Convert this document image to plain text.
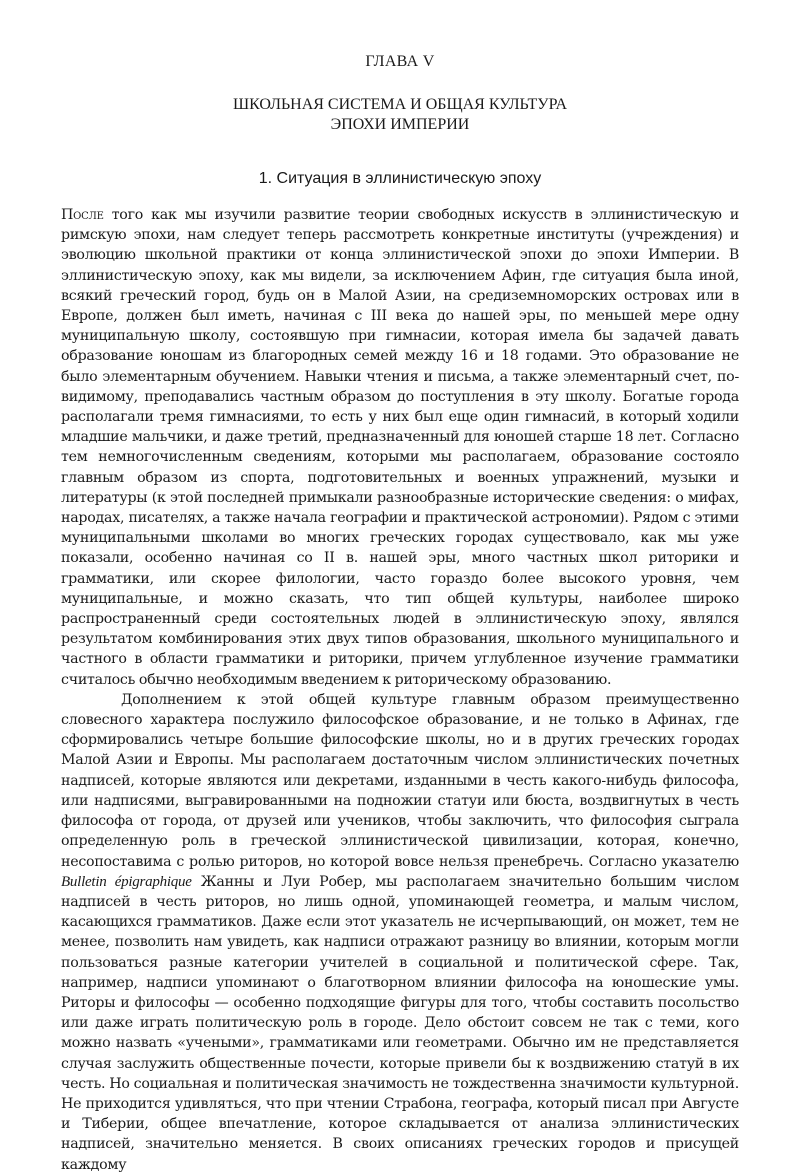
ГЛАВА V
ШКОЛЬНАЯ СИСТЕМА И ОБЩАЯ КУЛЬТУРА
ЭПОХИ ИМПЕРИИ
1. Ситуация в эллинистическую эпоху

После того как мы изучили развитие теории свободных искусств в эллинистическую и римскую эпохи, нам следует теперь рассмотреть конкретные институты (учреждения) и эволюцию школьной практики от конца эллинистической эпохи до эпохи Империи. В эллинистическую эпоху, как мы видели, за исключением Афин, где ситуация была иной, всякий греческий город, будь он в Малой Азии, на средиземноморских островах или в Европе, должен был иметь, начиная с III века до нашей эры, по меньшей мере одну муниципальную школу, состоявшую при гимнасии, которая имела бы задачей давать образование юношам из благородных семей между 16 и 18 годами. Это образование не было элементарным обучением. Навыки чтения и письма, а также элементарный счет, по-видимому, преподавались частным образом до поступления в эту школу. Богатые города располагали тремя гимнасиями, то есть у них был еще один гимнасий, в который ходили младшие мальчики, и даже третий, предназначенный для юношей старше 18 лет. Согласно тем немногочисленным сведениям, которыми мы располагаем, образование состояло главным образом из спорта, подготовительных и военных упражнений, музыки и литературы (к этой последней примыкали разнообразные исторические сведения: о мифах, народах, писателях, а также начала географии и практической астрономии). Рядом с этими муниципальными школами во многих греческих городах существовало, как мы уже показали, особенно начиная со II в. нашей эры, много частных школ риторики и грамматики, или скорее филологии, часто гораздо более высокого уровня, чем муниципальные, и можно сказать, что тип общей культуры, наиболее широко распространенный среди состоятельных людей в эллинистическую эпоху, являлся результатом комбинирования этих двух типов образования, школьного муниципального и частного в области грамматики и риторики, причем углубленное изучение грамматики считалось обычно необходимым введением к риторическому образованию.

Дополнением к этой общей культуре главным образом преимущественно словесного характера послужило философское образование, и не только в Афинах, где сформировались четыре большие философские школы, но и в других греческих городах Малой Азии и Европы. Мы располагаем достаточным числом эллинистических почетных надписей, которые являются или декретами, изданными в честь какого-нибудь философа, или надписями, выгравированными на подножии статуи или бюста, воздвигнутых в честь философа от города, от друзей или учеников, чтобы заключить, что философия сыграла определенную роль в греческой эллинистической цивилизации, которая, конечно, несопоставима с ролью риторов, но которой вовсе нельзя пренебречь. Согласно указателю Bulletin épigraphique Жанны и Луи Робер, мы располагаем значительно большим числом надписей в честь риторов, но лишь одной, упоминающей геометра, и малым числом, касающихся грамматиков. Даже если этот указатель не исчерпывающий, он может, тем не менее, позволить нам увидеть, как надписи отражают разницу во влиянии, которым могли пользоваться разные категории учителей в социальной и политической сфере. Так, например, надписи упоминают о благотворном влиянии философа на юношеские умы. Риторы и философы — особенно подходящие фигуры для того, чтобы составить посольство или даже играть политическую роль в городе. Дело обстоит совсем не так с теми, кого можно назвать «учеными», грамматиками или геометрами. Обычно им не представляется случая заслужить общественные почести, которые привели бы к воздвижению статуй в их честь. Но социальная и политическая значимость не тождественна значимости культурной. Не приходится удивляться, что при чтении Страбона, географа, который писал при Августе и Тиберии, общее впечатление, которое складывается от анализа эллинистических надписей, значительно меняется. В своих описаниях греческих городов и присущей каждому
